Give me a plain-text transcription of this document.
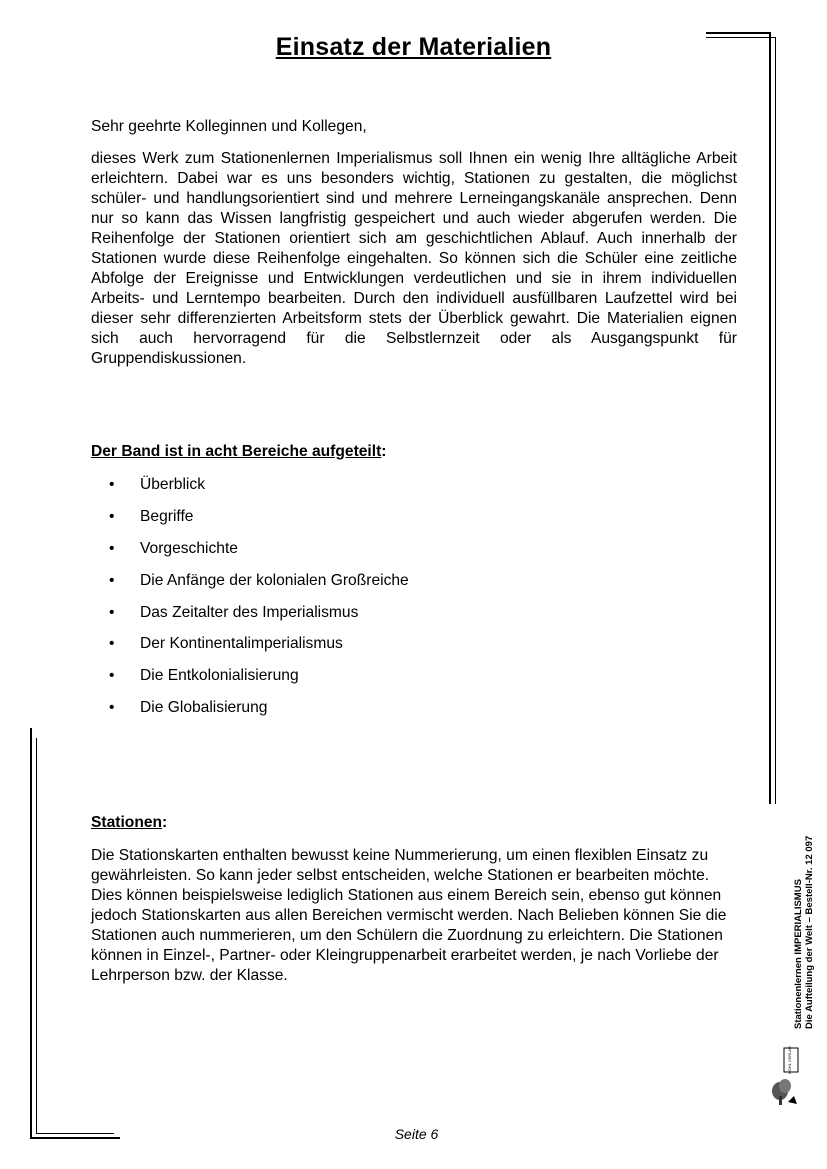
Einsatz der Materialien

Sehr geehrte Kolleginnen und Kollegen,

dieses Werk zum Stationenlernen Imperialismus soll Ihnen ein wenig Ihre alltägliche Arbeit erleichtern. Dabei war es uns besonders wichtig, Stationen zu gestalten, die möglichst schüler- und handlungsorientiert sind und mehrere Lerneingangskanäle ansprechen. Denn nur so kann das Wissen langfristig gespeichert und auch wieder abgerufen werden. Die Reihenfolge der Stationen orientiert sich am geschichtlichen Ablauf. Auch innerhalb der Stationen wurde diese Reihenfolge eingehalten. So können sich die Schüler eine zeitliche Abfolge der Ereignisse und Entwicklungen verdeutlichen und sie in ihrem individuellen Arbeits- und Lerntempo bearbeiten. Durch den individuell ausfüllbaren Laufzettel wird bei dieser sehr differenzierten Arbeitsform stets der Überblick gewahrt. Die Materialien eignen sich auch hervorragend für die Selbstlernzeit oder als Ausgangspunkt für Gruppendiskussionen.

Der Band ist in acht Bereiche aufgeteilt:

• Überblick
• Begriffe
• Vorgeschichte
• Die Anfänge der kolonialen Großreiche
• Das Zeitalter des Imperialismus
• Der Kontinentalimperialismus
• Die Entkolonialisierung
• Die Globalisierung

Stationen:

Die Stationskarten enthalten bewusst keine Nummerierung, um einen flexiblen Einsatz zu gewährleisten. So kann jeder selbst entscheiden, welche Stationen er bearbeiten möchte. Dies können beispielsweise lediglich Stationen aus einem Bereich sein, ebenso gut können jedoch Stationskarten aus allen Bereichen vermischt werden. Nach Belieben können Sie die Stationen auch nummerieren, um den Schülern die Zuordnung zu erleichtern. Die Stationen können in Einzel-, Partner- oder Kleingruppenarbeit erarbeitet werden, je nach Vorliebe der Lehrperson bzw. der Klasse.	Stationenlernen IMPERIALISMUS Die Aufteilung der Welt – Bestell-Nr. 12 097
KOHL VERLAG
Seite 6
